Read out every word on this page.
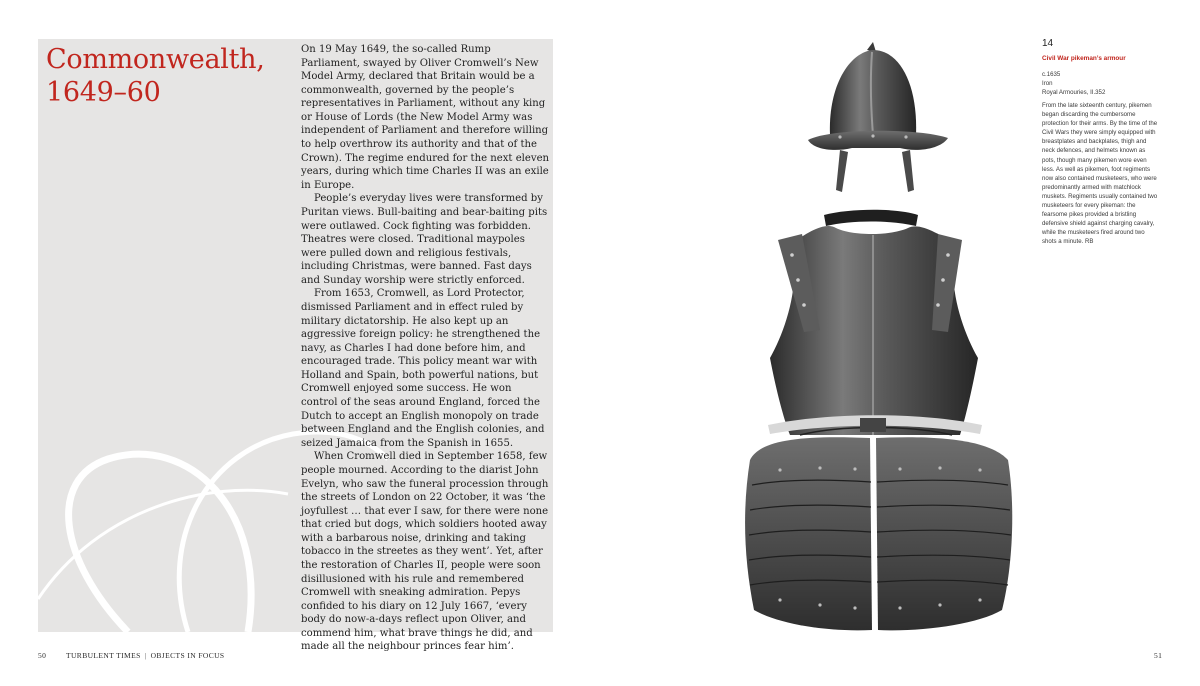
Commonwealth, 1649–60

On 19 May 1649, the so-called Rump Parliament, swayed by Oliver Cromwell’s New Model Army, declared that Britain would be a commonwealth, governed by the people’s representatives in Parliament, without any king or House of Lords (the New Model Army was independent of Parliament and therefore willing to help overthrow its authority and that of the Crown). The regime endured for the next eleven years, during which time Charles II was an exile in Europe.

People’s everyday lives were transformed by Puritan views. Bull-baiting and bear-baiting pits were outlawed. Cock fighting was forbidden. Theatres were closed. Traditional maypoles were pulled down and religious festivals, including Christmas, were banned. Fast days and Sunday worship were strictly enforced.

From 1653, Cromwell, as Lord Protector, dismissed Parliament and in effect ruled by military dictatorship. He also kept up an aggressive foreign policy: he strengthened the navy, as Charles I had done before him, and encouraged trade. This policy meant war with Holland and Spain, both powerful nations, but Cromwell enjoyed some success. He won control of the seas around England, forced the Dutch to accept an English monopoly on trade between England and the English colonies, and seized Jamaica from the Spanish in 1655.

When Cromwell died in September 1658, few people mourned. According to the diarist John Evelyn, who saw the funeral procession through the streets of London on 22 October, it was ‘the joyfullest … that ever I saw, for there were none that cried but dogs, which soldiers hooted away with a barbarous noise, drinking and taking tobacco in the streetes as they went’. Yet, after the restoration of Charles II, people were soon disillusioned with his rule and remembered Cromwell with sneaking admiration. Pepys confided to his diary on 12 July 1667, ‘every body do now-a-days reflect upon Oliver, and commend him, what brave things he did, and made all the neighbour princes fear him’.

50	TURBULENT TIMES | OBJECTS IN FOCUS
14
Civil War pikeman’s armour
c.1635
Iron
Royal Armouries, II.352
From the late sixteenth century, pikemen began discarding the cumbersome protection for their arms. By the time of the Civil Wars they were simply equipped with breastplates and backplates, thigh and neck defences, and helmets known as pots, though many pikemen wore even less. As well as pikemen, foot regiments now also contained musketeers, who were predominantly armed with matchlock muskets. Regiments usually contained two musketeers for every pikeman: the fearsome pikes provided a bristling defensive shield against charging cavalry, while the musketeers fired around two shots a minute. RB
51
